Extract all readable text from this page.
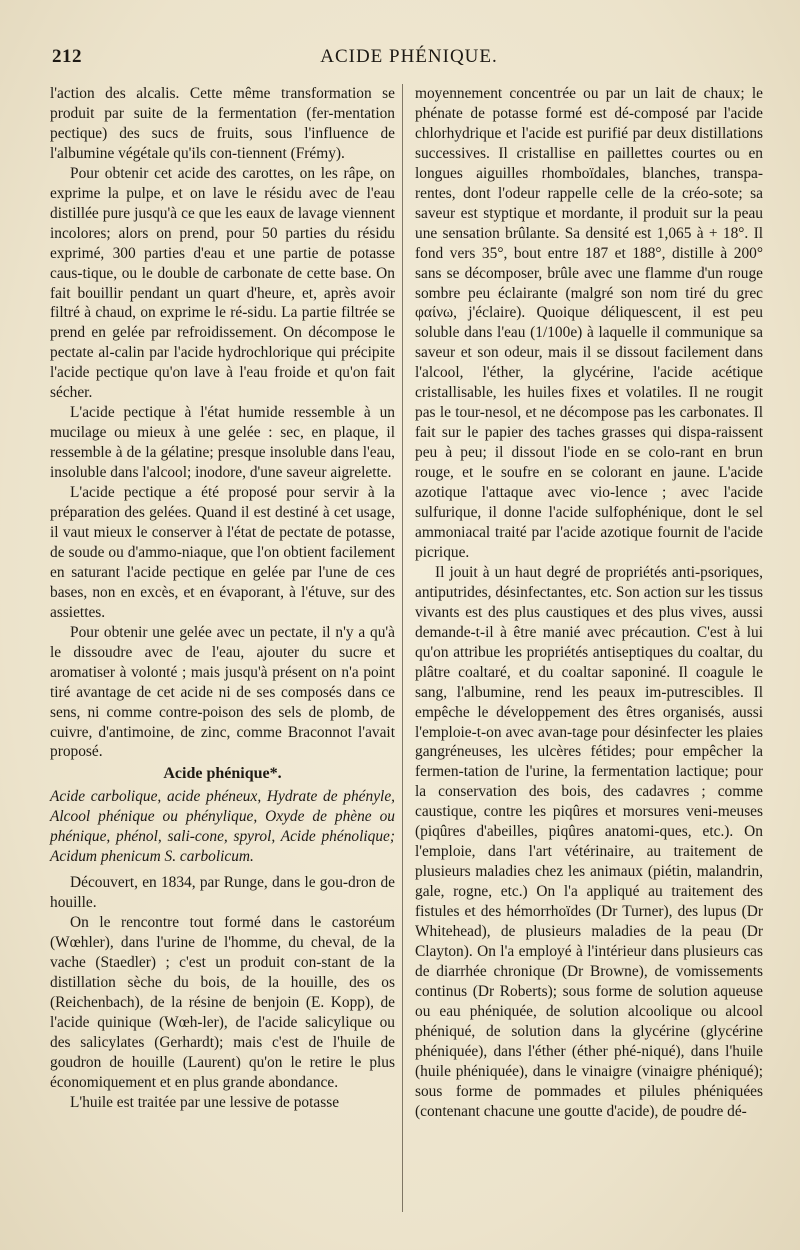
212	ACIDE PHÉNIQUE.

l'action des alcalis. Cette même transformation se produit par suite de la fermentation (fer-mentation pectique) des sucs de fruits, sous l'influence de l'albumine végétale qu'ils con-tiennent (Frémy).

Pour obtenir cet acide des carottes, on les râpe, on exprime la pulpe, et on lave le résidu avec de l'eau distillée pure jusqu'à ce que les eaux de lavage viennent incolores; alors on prend, pour 50 parties du résidu exprimé, 300 parties d'eau et une partie de potasse caus-tique, ou le double de carbonate de cette base. On fait bouillir pendant un quart d'heure, et, après avoir filtré à chaud, on exprime le ré-sidu. La partie filtrée se prend en gelée par refroidissement. On décompose le pectate al-calin par l'acide hydrochlorique qui précipite l'acide pectique qu'on lave à l'eau froide et qu'on fait sécher.

L'acide pectique à l'état humide ressemble à un mucilage ou mieux à une gelée : sec, en plaque, il ressemble à de la gélatine; presque insoluble dans l'eau, insoluble dans l'alcool; inodore, d'une saveur aigrelette.

L'acide pectique a été proposé pour servir à la préparation des gelées. Quand il est destiné à cet usage, il vaut mieux le conserver à l'état de pectate de potasse, de soude ou d'ammo-niaque, que l'on obtient facilement en saturant l'acide pectique en gelée par l'une de ces bases, non en excès, et en évaporant, à l'étuve, sur des assiettes.

Pour obtenir une gelée avec un pectate, il n'y a qu'à le dissoudre avec de l'eau, ajouter du sucre et aromatiser à volonté ; mais jusqu'à présent on n'a point tiré avantage de cet acide ni de ses composés dans ce sens, ni comme contre-poison des sels de plomb, de cuivre, d'antimoine, de zinc, comme Braconnot l'avait proposé.

Acide phénique*.

Acide carbolique, acide phéneux, Hydrate de phényle, Alcool phénique ou phénylique, Oxyde de phène ou phénique, phénol, sali-cone, spyrol, Acide phénolique; Acidum phenicum S. carbolicum.

Découvert, en 1834, par Runge, dans le gou-dron de houille.

On le rencontre tout formé dans le castoréum (Wœhler), dans l'urine de l'homme, du cheval, de la vache (Staedler) ; c'est un produit con-stant de la distillation sèche du bois, de la houille, des os (Reichenbach), de la résine de benjoin (E. Kopp), de l'acide quinique (Wœh-ler), de l'acide salicylique ou des salicylates (Gerhardt); mais c'est de l'huile de goudron de houille (Laurent) qu'on le retire le plus économiquement et en plus grande abondance.

L'huile est traitée par une lessive de potasse

moyennement concentrée ou par un lait de chaux; le phénate de potasse formé est dé-composé par l'acide chlorhydrique et l'acide est purifié par deux distillations successives. Il cristallise en paillettes courtes ou en longues aiguilles rhomboïdales, blanches, transpa-rentes, dont l'odeur rappelle celle de la créo-sote; sa saveur est styptique et mordante, il produit sur la peau une sensation brûlante. Sa densité est 1,065 à + 18°. Il fond vers 35°, bout entre 187 et 188°, distille à 200° sans se décomposer, brûle avec une flamme d'un rouge sombre peu éclairante (malgré son nom tiré du grec φαίνω, j'éclaire). Quoique déliquescent, il est peu soluble dans l'eau (1/100e) à laquelle il communique sa saveur et son odeur, mais il se dissout facilement dans l'alcool, l'éther, la glycérine, l'acide acétique cristallisable, les huiles fixes et volatiles. Il ne rougit pas le tour-nesol, et ne décompose pas les carbonates. Il fait sur le papier des taches grasses qui dispa-raissent peu à peu; il dissout l'iode en se colo-rant en brun rouge, et le soufre en se colorant en jaune. L'acide azotique l'attaque avec vio-lence ; avec l'acide sulfurique, il donne l'acide sulfophénique, dont le sel ammoniacal traité par l'acide azotique fournit de l'acide picrique.

Il jouit à un haut degré de propriétés anti-psoriques, antiputrides, désinfectantes, etc. Son action sur les tissus vivants est des plus caustiques et des plus vives, aussi demande-t-il à être manié avec précaution. C'est à lui qu'on attribue les propriétés antiseptiques du coaltar, du plâtre coaltaré, et du coaltar saponiné. Il coagule le sang, l'albumine, rend les peaux im-putrescibles. Il empêche le développement des êtres organisés, aussi l'emploie-t-on avec avan-tage pour désinfecter les plaies gangréneuses, les ulcères fétides; pour empêcher la fermen-tation de l'urine, la fermentation lactique; pour la conservation des bois, des cadavres ; comme caustique, contre les piqûres et morsures veni-meuses (piqûres d'abeilles, piqûres anatomi-ques, etc.). On l'emploie, dans l'art vétérinaire, au traitement de plusieurs maladies chez les animaux (piétin, malandrin, gale, rogne, etc.) On l'a appliqué au traitement des fistules et des hémorrhoïdes (Dr Turner), des lupus (Dr Whitehead), de plusieurs maladies de la peau (Dr Clayton). On l'a employé à l'intérieur dans plusieurs cas de diarrhée chronique (Dr Browne), de vomissements continus (Dr Roberts); sous forme de solution aqueuse ou eau phéniquée, de solution alcoolique ou alcool phéniqué, de solution dans la glycérine (glycérine phéniquée), dans l'éther (éther phé-niqué), dans l'huile (huile phéniquée), dans le vinaigre (vinaigre phéniqué); sous forme de pommades et pilules phéniquées (contenant chacune une goutte d'acide), de poudre dé-
